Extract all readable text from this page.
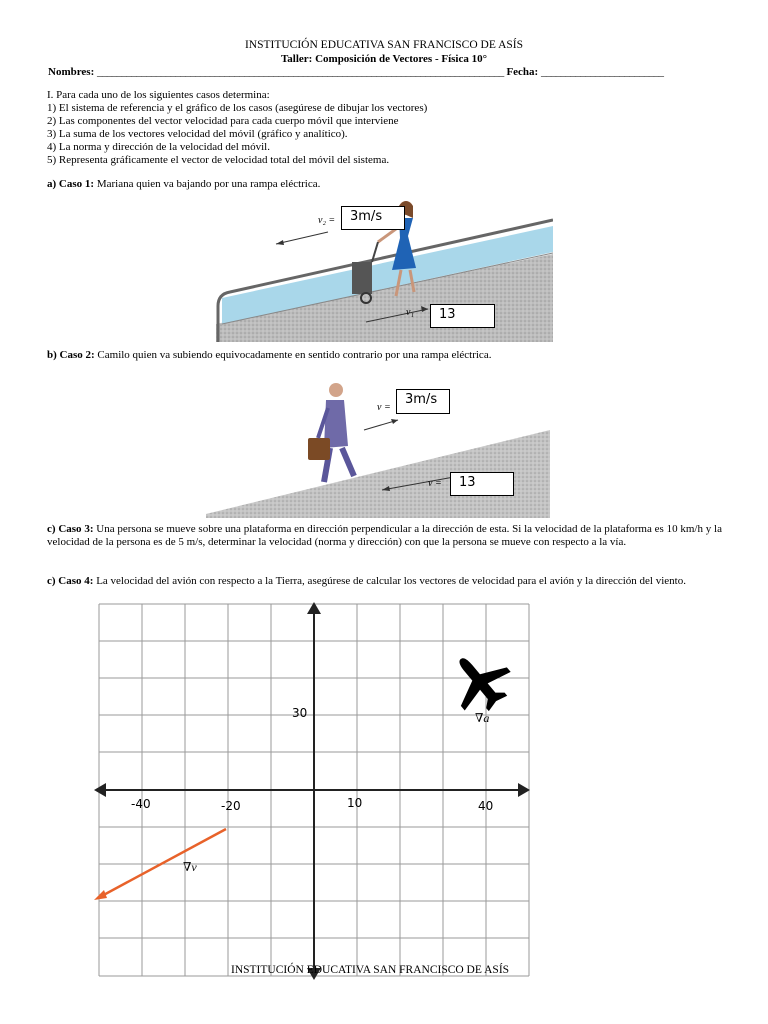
INSTITUCIÓN EDUCATIVA SAN FRANCISCO DE ASÍS
Taller: Composición de Vectores - Física 10°
Nombres: ___________________________________________________________________________________ Fecha: _________________________
I. Para cada uno de los siguientes casos determina:
1) El sistema de referencia y el gráfico de los casos (asegúrese de dibujar los vectores)
2) Las componentes del vector velocidad para cada cuerpo móvil que interviene
3) La suma de los vectores velocidad del móvil (gráfico y analítico).
4) La norma y dirección de la velocidad del móvil.
5) Representa gráficamente el vector de velocidad total del móvil del sistema.
a) Caso 1: Mariana quien va bajando por una rampa eléctrica.
v₂ =	3m/s
v₁	13
b) Caso 2: Camilo quien va subiendo equivocadamente en sentido contrario por una rampa eléctrica.
v =
3m/s
v =	13
c) Caso 3: Una persona se mueve sobre una plataforma en dirección perpendicular a la dirección de esta. Si la velocidad de la plataforma es 10 km/h y la velocidad de la persona es de 5 m/s, determinar la velocidad (norma y dirección) con que la persona se mueve con respecto a la vía.
c) Caso 4: La velocidad del avión con respecto a la Tierra, asegúrese de calcular los vectores de velocidad para el avión y la dirección del viento.
-40	-20	10	40
30	∇a
∇v
INSTITUCIÓN EDUCATIVA SAN FRANCISCO DE ASÍS
